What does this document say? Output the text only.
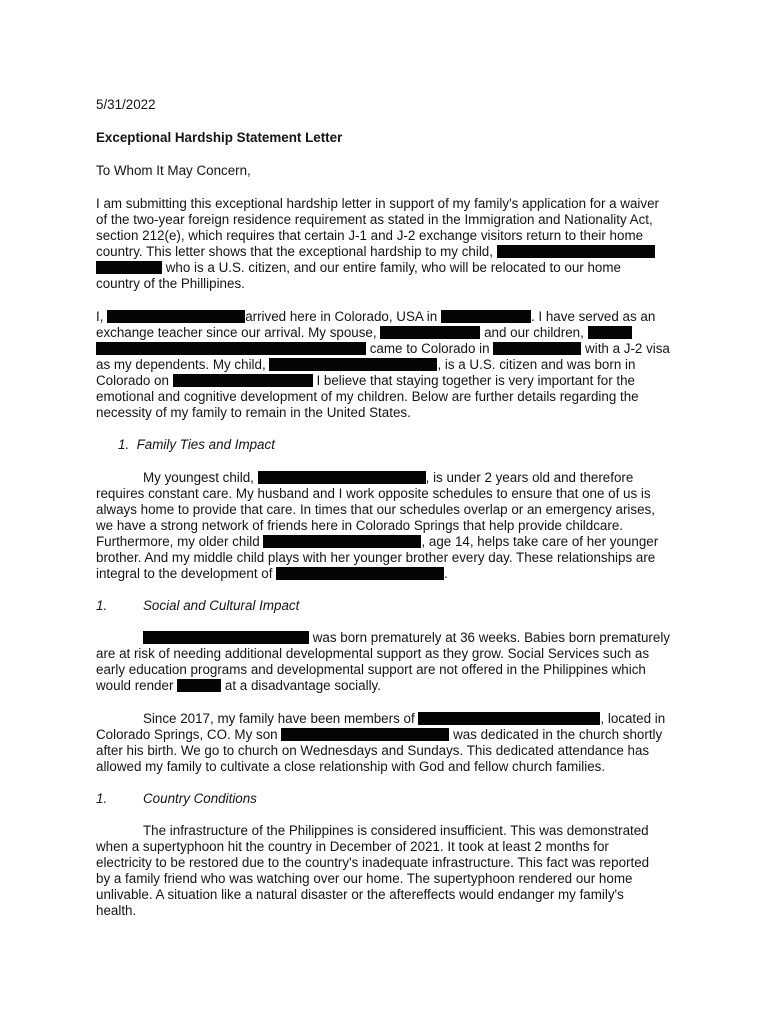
5/31/2022
Exceptional Hardship Statement Letter
To Whom It May Concern,
I am submitting this exceptional hardship letter in support of my family's application for a waiver
of the two-year foreign residence requirement as stated in the Immigration and Nationality Act,
section 212(e), which requires that certain J-1 and J-2 exchange visitors return to their home
country. This letter shows that the exceptional hardship to my child,
who is a U.S. citizen, and our entire family, who will be relocated to our home
country of the Phillipines.
I,	arrived here in Colorado, USA in	. I have served as an
exchange teacher since our arrival. My spouse,	and our children,
came to Colorado in	with a J-2 visa
as my dependents. My child,	, is a U.S. citizen and was born in
Colorado on	I believe that staying together is very important for the
emotional and cognitive development of my children. Below are further details regarding the
necessity of my family to remain in the United States.
1. Family Ties and Impact
My youngest child,	, is under 2 years old and therefore
requires constant care. My husband and I work opposite schedules to ensure that one of us is
always home to provide that care. In times that our schedules overlap or an emergency arises,
we have a strong network of friends here in Colorado Springs that help provide childcare.
Furthermore, my older child	, age 14, helps take care of her younger
brother. And my middle child plays with her younger brother every day. These relationships are
integral to the development of	.
1.	Social and Cultural Impact
was born prematurely at 36 weeks. Babies born prematurely
are at risk of needing additional developmental support as they grow. Social Services such as
early education programs and developmental support are not offered in the Philippines which
would render	at a disadvantage socially.
Since 2017, my family have been members of	, located in
Colorado Springs, CO. My son	was dedicated in the church shortly
after his birth. We go to church on Wednesdays and Sundays. This dedicated attendance has
allowed my family to cultivate a close relationship with God and fellow church families.
1.	Country Conditions
The infrastructure of the Philippines is considered insufficient. This was demonstrated
when a supertyphoon hit the country in December of 2021. It took at least 2 months for
electricity to be restored due to the country's inadequate infrastructure. This fact was reported
by a family friend who was watching over our home. The supertyphoon rendered our home
unlivable. A situation like a natural disaster or the aftereffects would endanger my family's
health.
